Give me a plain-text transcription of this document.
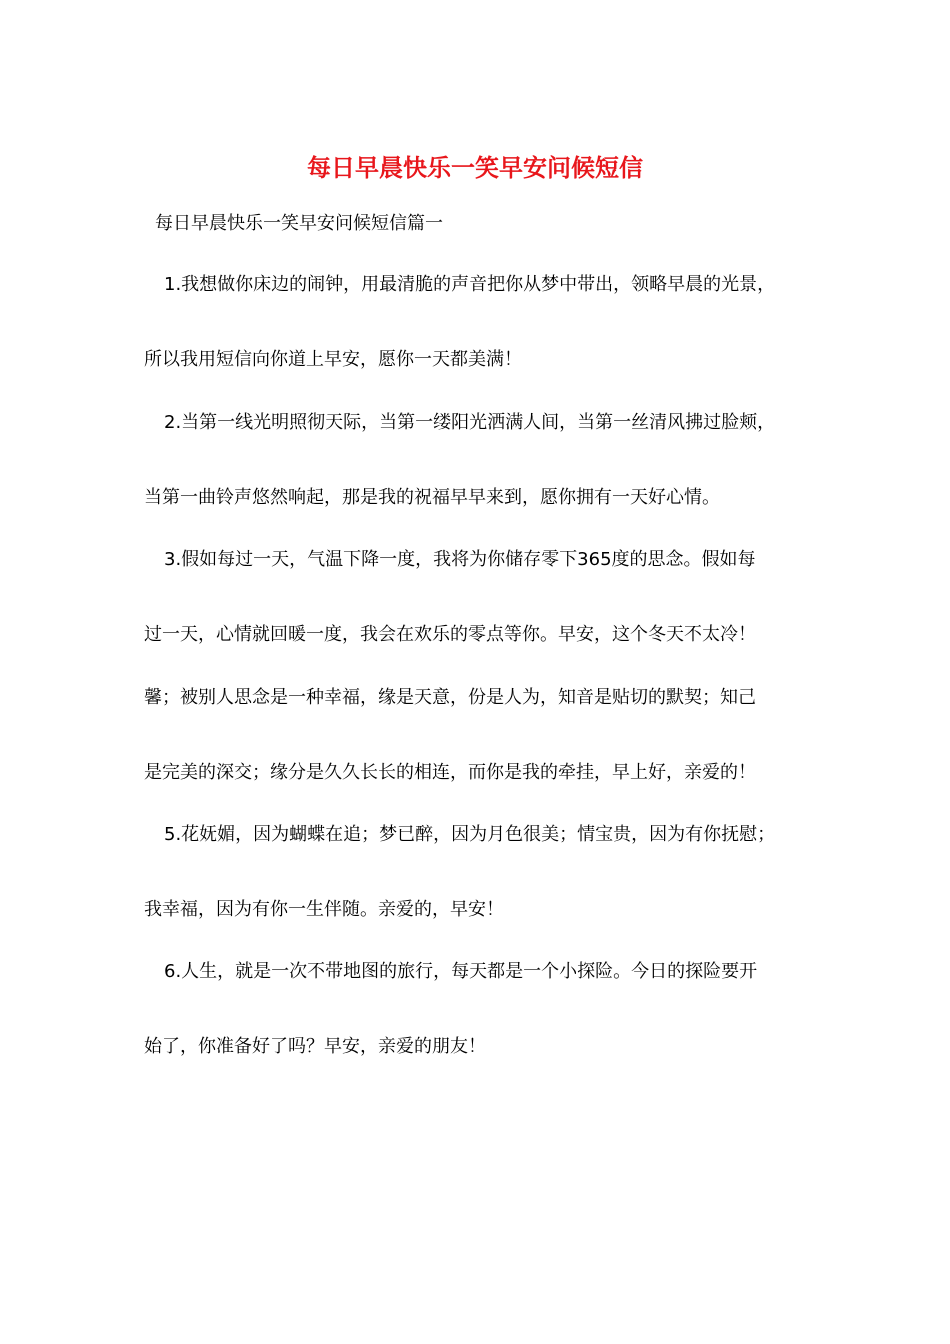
每日早晨快乐一笑早安问候短信
每日早晨快乐一笑早安问候短信篇一
1.我想做你床边的闹钟，用最清脆的声音把你从梦中带出，领略早晨的光景，
所以我用短信向你道上早安，愿你一天都美满！
2.当第一线光明照彻天际，当第一缕阳光洒满人间，当第一丝清风拂过脸颊，
当第一曲铃声悠然响起，那是我的祝福早早来到，愿你拥有一天好心情。
3.假如每过一天，气温下降一度，我将为你储存零下365度的思念。假如每
过一天，心情就回暖一度，我会在欢乐的零点等你。早安，这个冬天不太冷！
馨；被别人思念是一种幸福，缘是天意，份是人为，知音是贴切的默契；知己
是完美的深交；缘分是久久长长的相连，而你是我的牵挂，早上好，亲爱的！
5.花妩媚，因为蝴蝶在追；梦已醉，因为月色很美；情宝贵，因为有你抚慰；
我幸福，因为有你一生伴随。亲爱的，早安！
6.人生，就是一次不带地图的旅行，每天都是一个小探险。今日的探险要开
始了，你准备好了吗？早安，亲爱的朋友！
